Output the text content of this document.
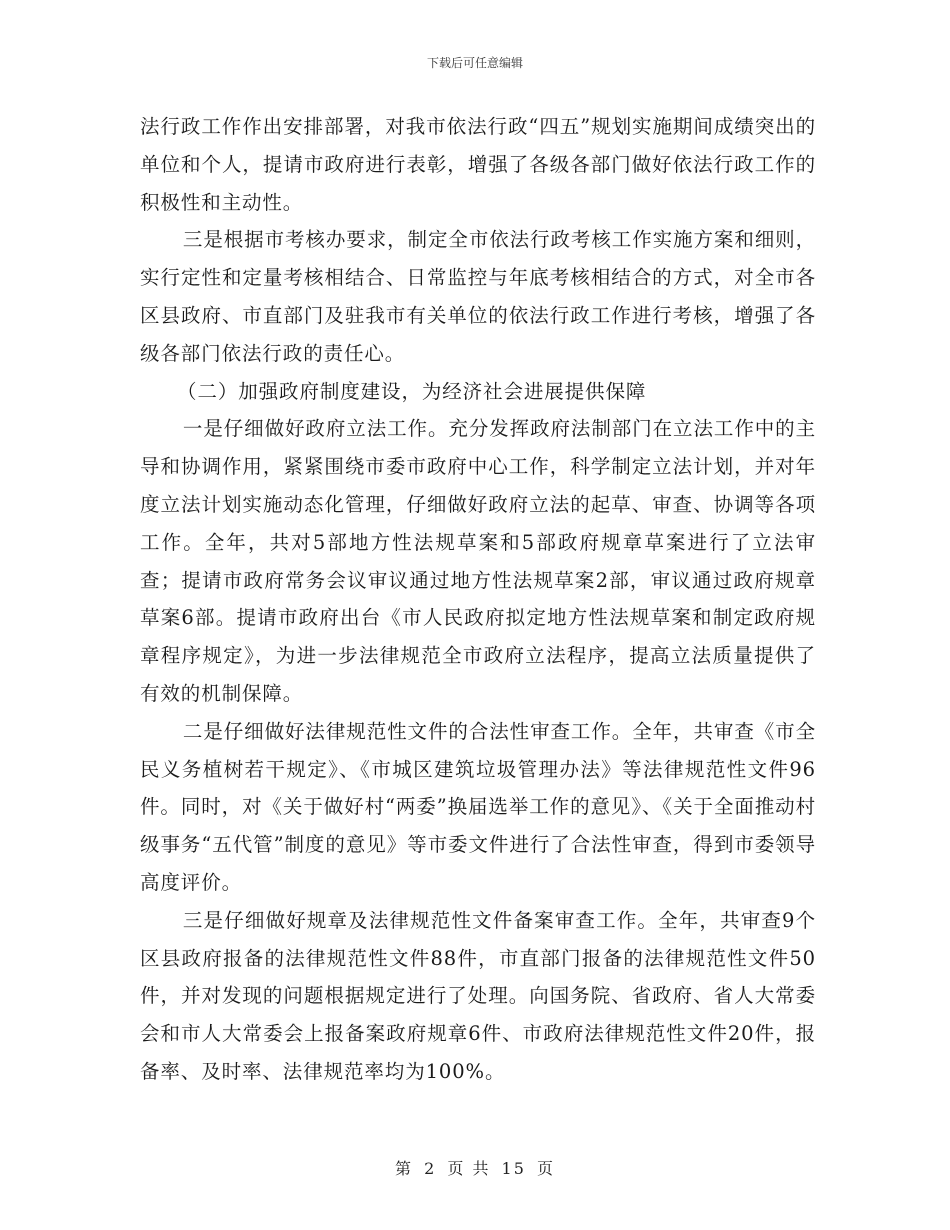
下载后可任意编辑

法行政工作作出安排部署，对我市依法行政“四五”规划实施期间成绩突出的单位和个人，提请市政府进行表彰，增强了各级各部门做好依法行政工作的积极性和主动性。

三是根据市考核办要求，制定全市依法行政考核工作实施方案和细则，实行定性和定量考核相结合、日常监控与年底考核相结合的方式，对全市各区县政府、市直部门及驻我市有关单位的依法行政工作进行考核，增强了各级各部门依法行政的责任心。

（二）加强政府制度建设，为经济社会进展提供保障

一是仔细做好政府立法工作。充分发挥政府法制部门在立法工作中的主导和协调作用，紧紧围绕市委市政府中心工作，科学制定立法计划，并对年度立法计划实施动态化管理，仔细做好政府立法的起草、审查、协调等各项工作。全年，共对5部地方性法规草案和5部政府规章草案进行了立法审查；提请市政府常务会议审议通过地方性法规草案2部，审议通过政府规章草案6部。提请市政府出台《市人民政府拟定地方性法规草案和制定政府规章程序规定》，为进一步法律规范全市政府立法程序，提高立法质量提供了有效的机制保障。

二是仔细做好法律规范性文件的合法性审查工作。全年，共审查《市全民义务植树若干规定》、《市城区建筑垃圾管理办法》等法律规范性文件96件。同时，对《关于做好村“两委”换届选举工作的意见》、《关于全面推动村级事务“五代管”制度的意见》等市委文件进行了合法性审查，得到市委领导高度评价。

三是仔细做好规章及法律规范性文件备案审查工作。全年，共审查9个区县政府报备的法律规范性文件88件，市直部门报备的法律规范性文件50件，并对发现的问题根据规定进行了处理。向国务院、省政府、省人大常委会和市人大常委会上报备案政府规章6件、市政府法律规范性文件20件，报备率、及时率、法律规范率均为100%。

第 2 页 共 15 页
